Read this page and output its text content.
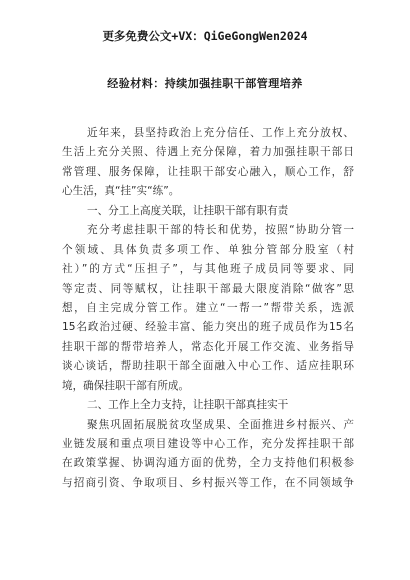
更多免费公文+VX：QiGeGongWen2024
经验材料：持续加强挂职干部管理培养
近年来，县坚持政治上充分信任、工作上充分放权、
生活上充分关照、待遇上充分保障，着力加强挂职干部日
常管理、服务保障，让挂职干部安心融入，顺心工作，舒
心生活，真“挂”实“练”。
一、分工上高度关联，让挂职干部有职有责
充分考虑挂职干部的特长和优势，按照“协助分管一
个领域、具体负责多项工作、单独分管部分股室（村
社）”的方式“压担子”，与其他班子成员同等要求、同
等定责、同等赋权，让挂职干部最大限度消除“做客”思
想，自主完成分管工作。建立“一帮一”帮带关系，选派
15名政治过硬、经验丰富、能力突出的班子成员作为15名
挂职干部的帮带培养人，常态化开展工作交流、业务指导
谈心谈话，帮助挂职干部全面融入中心工作、适应挂职环
境，确保挂职干部有所成。
二、工作上全力支持，让挂职干部真挂实干
聚焦巩固拓展脱贫攻坚成果、全面推进乡村振兴、产
业链发展和重点项目建设等中心工作，充分发挥挂职干部
在政策掌握、协调沟通方面的优势，全力支持他们积极参
与招商引资、争取项目、乡村振兴等工作，在不同领域争
